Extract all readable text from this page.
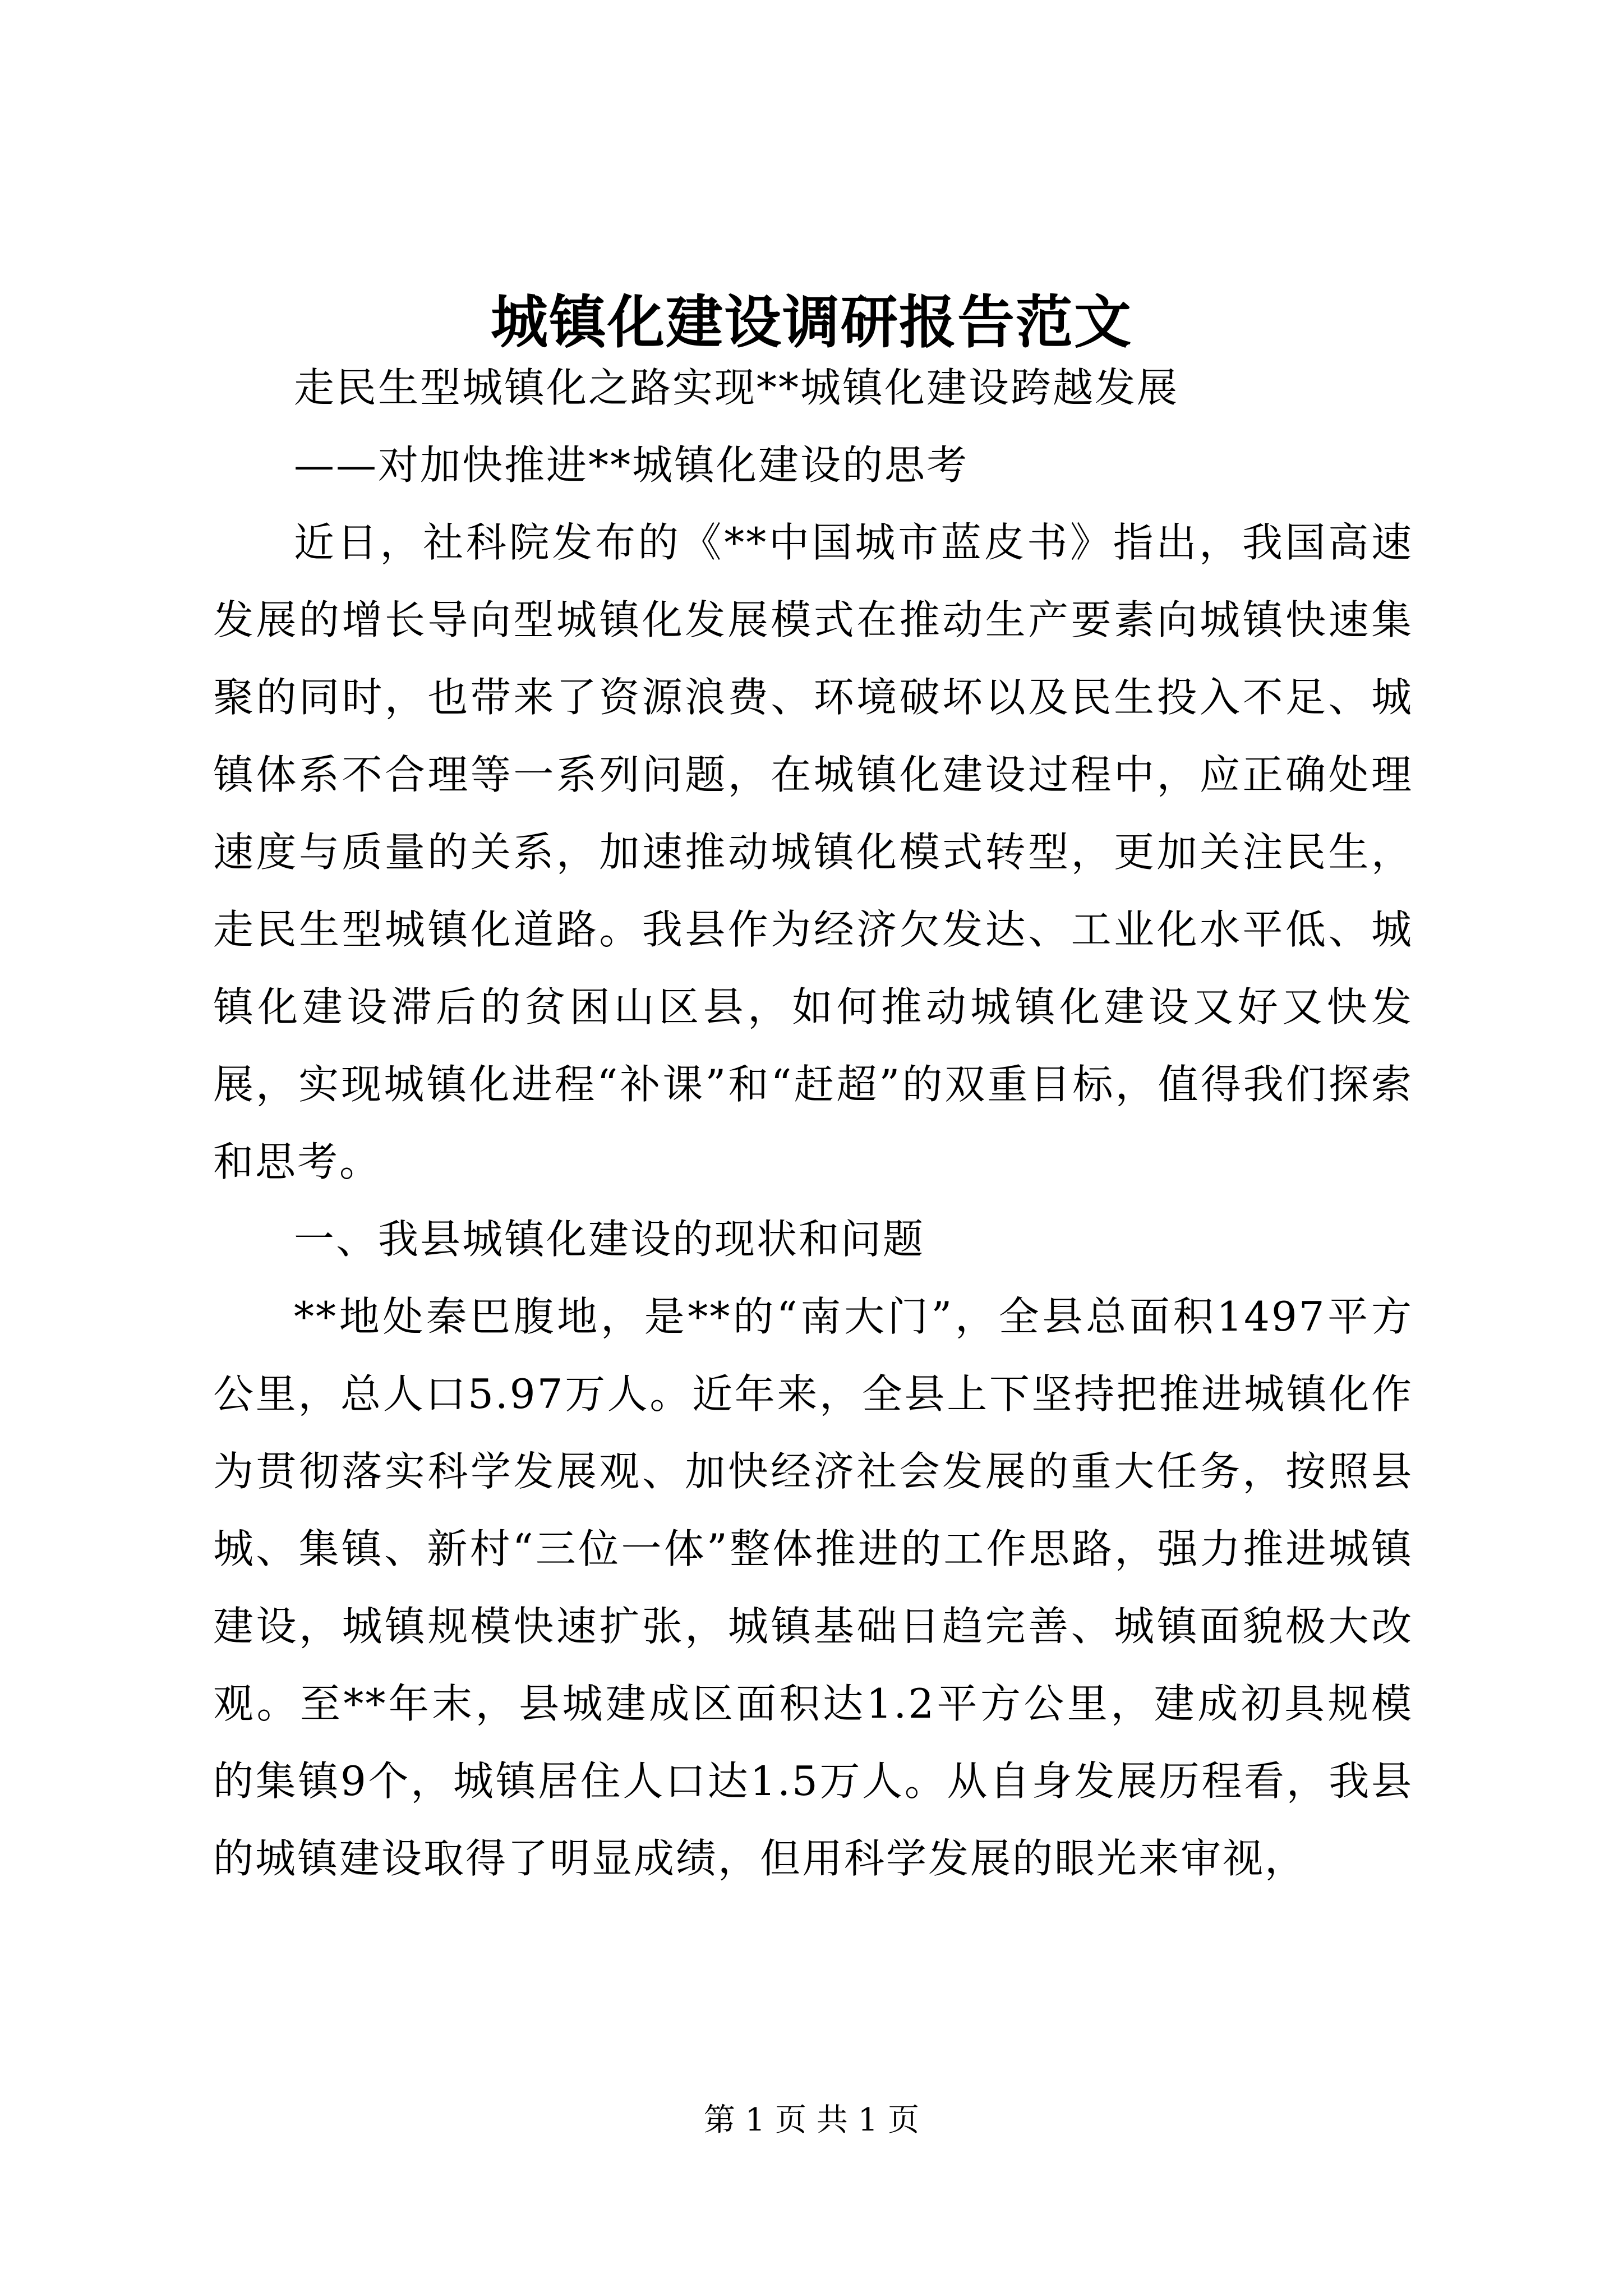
城镇化建设调研报告范文

走民生型城镇化之路实现**城镇化建设跨越发展

——对加快推进**城镇化建设的思考

近日，社科院发布的《**中国城市蓝皮书》指出，我国高速发展的增长导向型城镇化发展模式在推动生产要素向城镇快速集聚的同时，也带来了资源浪费、环境破坏以及民生投入不足、城镇体系不合理等一系列问题，在城镇化建设过程中，应正确处理速度与质量的关系，加速推动城镇化模式转型，更加关注民生，走民生型城镇化道路。我县作为经济欠发达、工业化水平低、城镇化建设滞后的贫困山区县，如何推动城镇化建设又好又快发展，实现城镇化进程“补课”和“赶超”的双重目标，值得我们探索和思考。

一、我县城镇化建设的现状和问题

**地处秦巴腹地，是**的“南大门”，全县总面积1497平方公里，总人口5.97万人。近年来，全县上下坚持把推进城镇化作为贯彻落实科学发展观、加快经济社会发展的重大任务，按照县城、集镇、新村“三位一体”整体推进的工作思路，强力推进城镇建设，城镇规模快速扩张，城镇基础日趋完善、城镇面貌极大改观。至**年末，县城建成区面积达1.2平方公里，建成初具规模的集镇9个，城镇居住人口达1.5万人。从自身发展历程看，我县的城镇建设取得了明显成绩，但用科学发展的眼光来审视，

第 1 页 共 1 页
